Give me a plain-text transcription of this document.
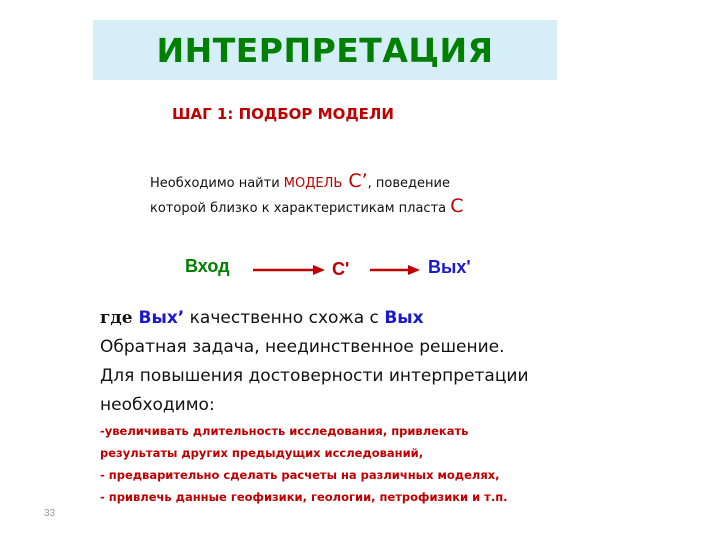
ИНТЕРПРЕТАЦИЯ
ШАГ 1: ПОДБОР МОДЕЛИ
Необходимо найти МОДЕЛЬ С’, поведение
которой близко к характеристикам пласта С
Вход	С'	Вых'
где Вых’ качественно схожа с Вых
Обратная задача, неединственное решение.
Для повышения достоверности интерпретации
необходимо:
-увеличивать длительность исследования, привлекать
результаты других предыдущих исследований,
- предварительно сделать расчеты на различных моделях,
- привлечь данные геофизики, геологии, петрофизики и т.п.
33
